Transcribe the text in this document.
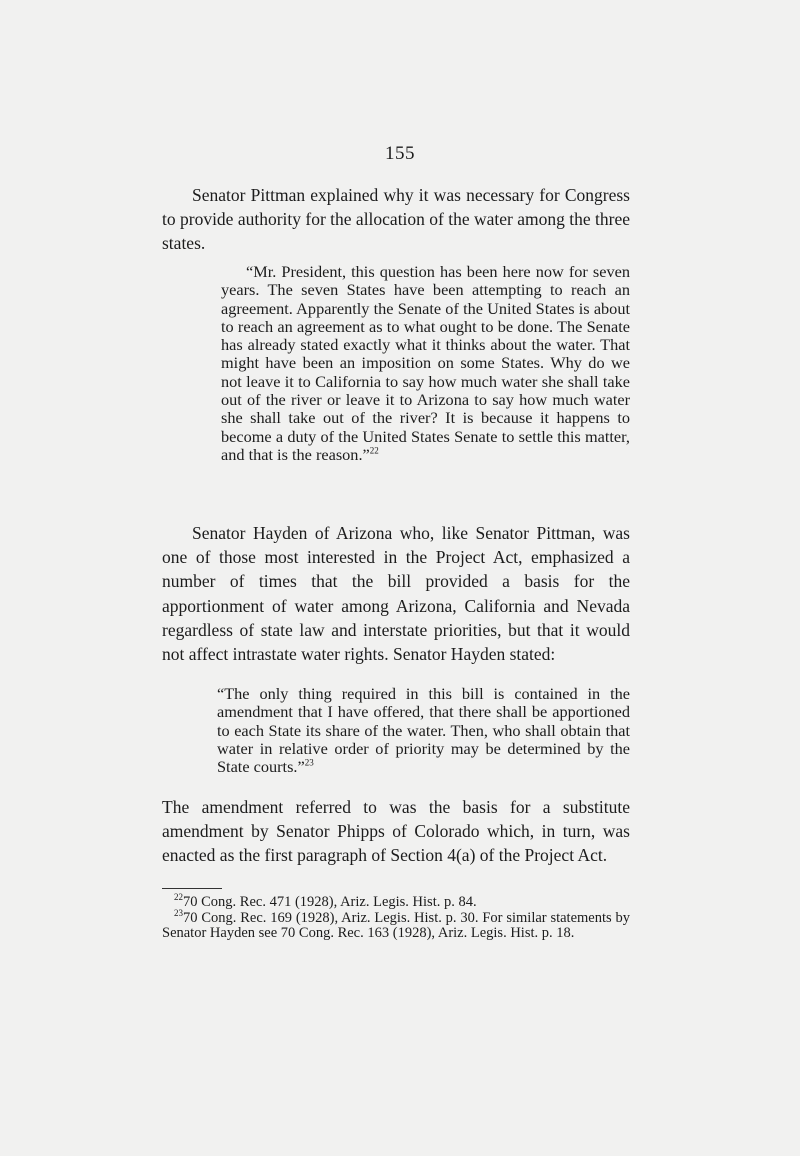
155

Senator Pittman explained why it was necessary for Congress to provide authority for the allocation of the water among the three states.

“Mr. President, this question has been here now for seven years. The seven States have been attempting to reach an agreement. Apparently the Senate of the United States is about to reach an agreement as to what ought to be done. The Senate has already stated exactly what it thinks about the water. That might have been an imposition on some States. Why do we not leave it to California to say how much water she shall take out of the river or leave it to Arizona to say how much water she shall take out of the river? It is because it happens to become a duty of the United States Senate to settle this matter, and that is the reason.”$^{22}$

Senator Hayden of Arizona who, like Senator Pittman, was one of those most interested in the Project Act, emphasized a number of times that the bill provided a basis for the apportionment of water among Arizona, California and Nevada regardless of state law and interstate priorities, but that it would not affect intrastate water rights. Senator Hayden stated:

“The only thing required in this bill is contained in the amendment that I have offered, that there shall be apportioned to each State its share of the water. Then, who shall obtain that water in relative order of priority may be determined by the State courts.”$^{23}$

The amendment referred to was the basis for a substitute amendment by Senator Phipps of Colorado which, in turn, was enacted as the first paragraph of Section 4(a) of the Project Act.

$^{22}$70 Cong. Rec. 471 (1928), Ariz. Legis. Hist. p. 84.

$^{23}$70 Cong. Rec. 169 (1928), Ariz. Legis. Hist. p. 30. For similar statements by Senator Hayden see 70 Cong. Rec. 163 (1928), Ariz. Legis. Hist. p. 18.
